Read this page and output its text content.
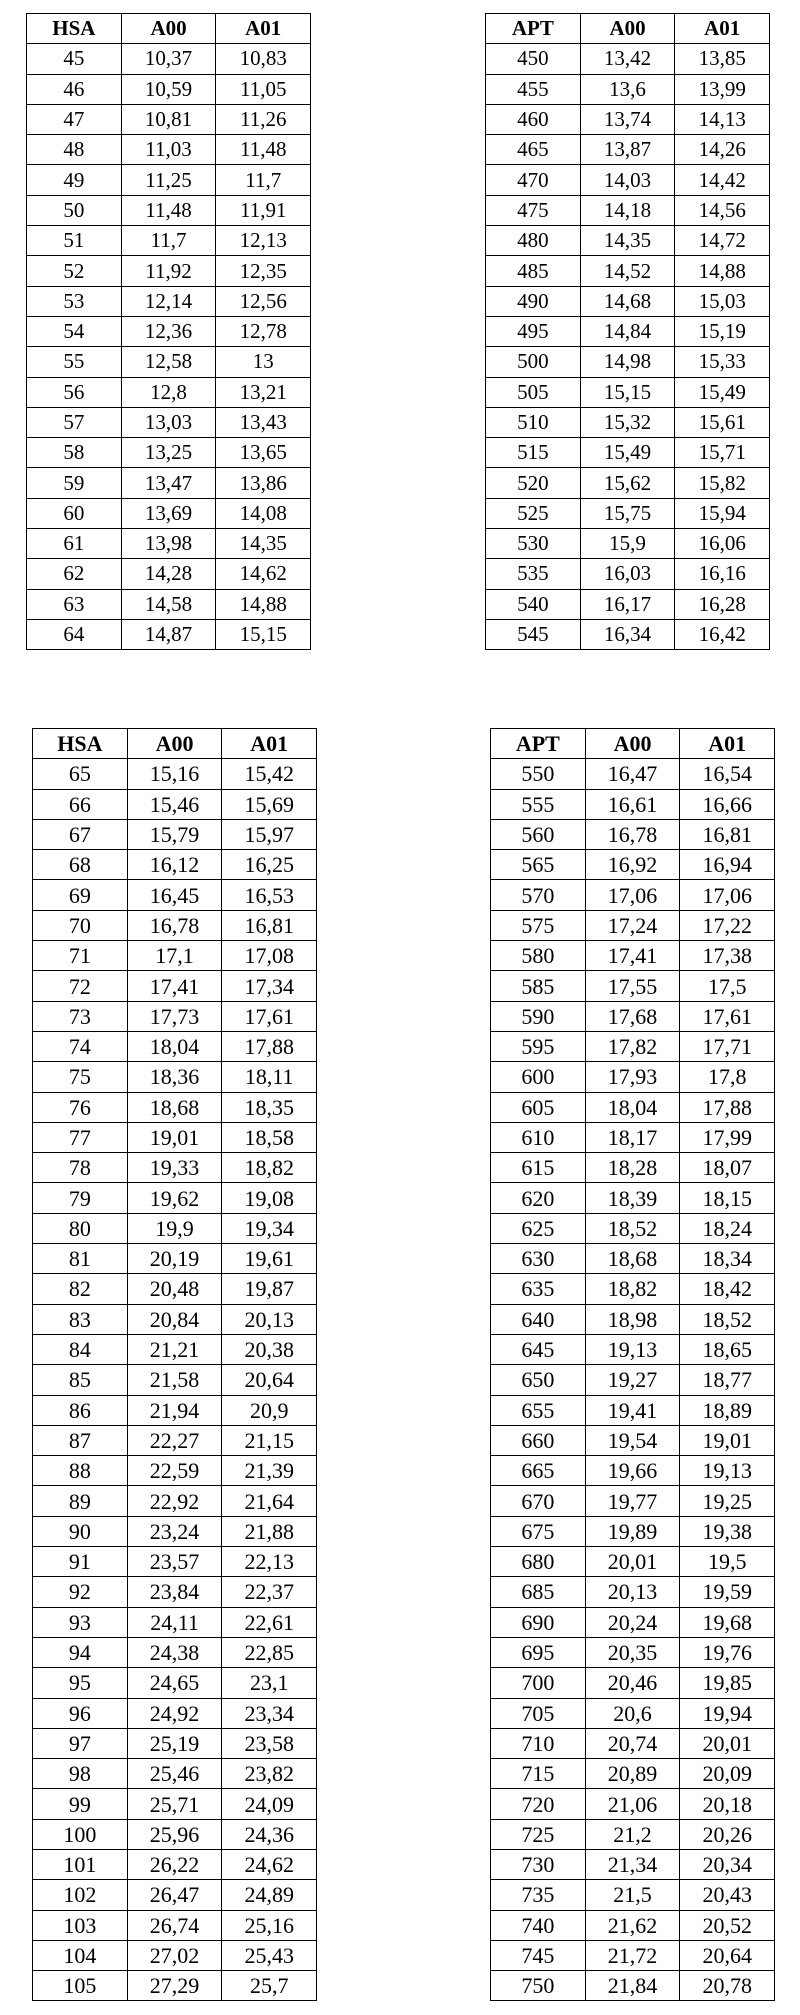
HSA	A00	A01
45	10,37	10,83
46	10,59	11,05
47	10,81	11,26
48	11,03	11,48
49	11,25	11,7
50	11,48	11,91
51	11,7	12,13
52	11,92	12,35
53	12,14	12,56
54	12,36	12,78
55	12,58	13
56	12,8	13,21
57	13,03	13,43
58	13,25	13,65
59	13,47	13,86
60	13,69	14,08
61	13,98	14,35
62	14,28	14,62
63	14,58	14,88
64	14,87	15,15
APT	A00	A01
450	13,42	13,85
455	13,6	13,99
460	13,74	14,13
465	13,87	14,26
470	14,03	14,42
475	14,18	14,56
480	14,35	14,72
485	14,52	14,88
490	14,68	15,03
495	14,84	15,19
500	14,98	15,33
505	15,15	15,49
510	15,32	15,61
515	15,49	15,71
520	15,62	15,82
525	15,75	15,94
530	15,9	16,06
535	16,03	16,16
540	16,17	16,28
545	16,34	16,42
HSA	A00	A01
65	15,16	15,42
66	15,46	15,69
67	15,79	15,97
68	16,12	16,25
69	16,45	16,53
70	16,78	16,81
71	17,1	17,08
72	17,41	17,34
73	17,73	17,61
74	18,04	17,88
75	18,36	18,11
76	18,68	18,35
77	19,01	18,58
78	19,33	18,82
79	19,62	19,08
80	19,9	19,34
81	20,19	19,61
82	20,48	19,87
83	20,84	20,13
84	21,21	20,38
85	21,58	20,64
86	21,94	20,9
87	22,27	21,15
88	22,59	21,39
89	22,92	21,64
90	23,24	21,88
91	23,57	22,13
92	23,84	22,37
93	24,11	22,61
94	24,38	22,85
95	24,65	23,1
96	24,92	23,34
97	25,19	23,58
98	25,46	23,82
99	25,71	24,09
100	25,96	24,36
101	26,22	24,62
102	26,47	24,89
103	26,74	25,16
104	27,02	25,43
105	27,29	25,7
APT	A00	A01
550	16,47	16,54
555	16,61	16,66
560	16,78	16,81
565	16,92	16,94
570	17,06	17,06
575	17,24	17,22
580	17,41	17,38
585	17,55	17,5
590	17,68	17,61
595	17,82	17,71
600	17,93	17,8
605	18,04	17,88
610	18,17	17,99
615	18,28	18,07
620	18,39	18,15
625	18,52	18,24
630	18,68	18,34
635	18,82	18,42
640	18,98	18,52
645	19,13	18,65
650	19,27	18,77
655	19,41	18,89
660	19,54	19,01
665	19,66	19,13
670	19,77	19,25
675	19,89	19,38
680	20,01	19,5
685	20,13	19,59
690	20,24	19,68
695	20,35	19,76
700	20,46	19,85
705	20,6	19,94
710	20,74	20,01
715	20,89	20,09
720	21,06	20,18
725	21,2	20,26
730	21,34	20,34
735	21,5	20,43
740	21,62	20,52
745	21,72	20,64
750	21,84	20,78
